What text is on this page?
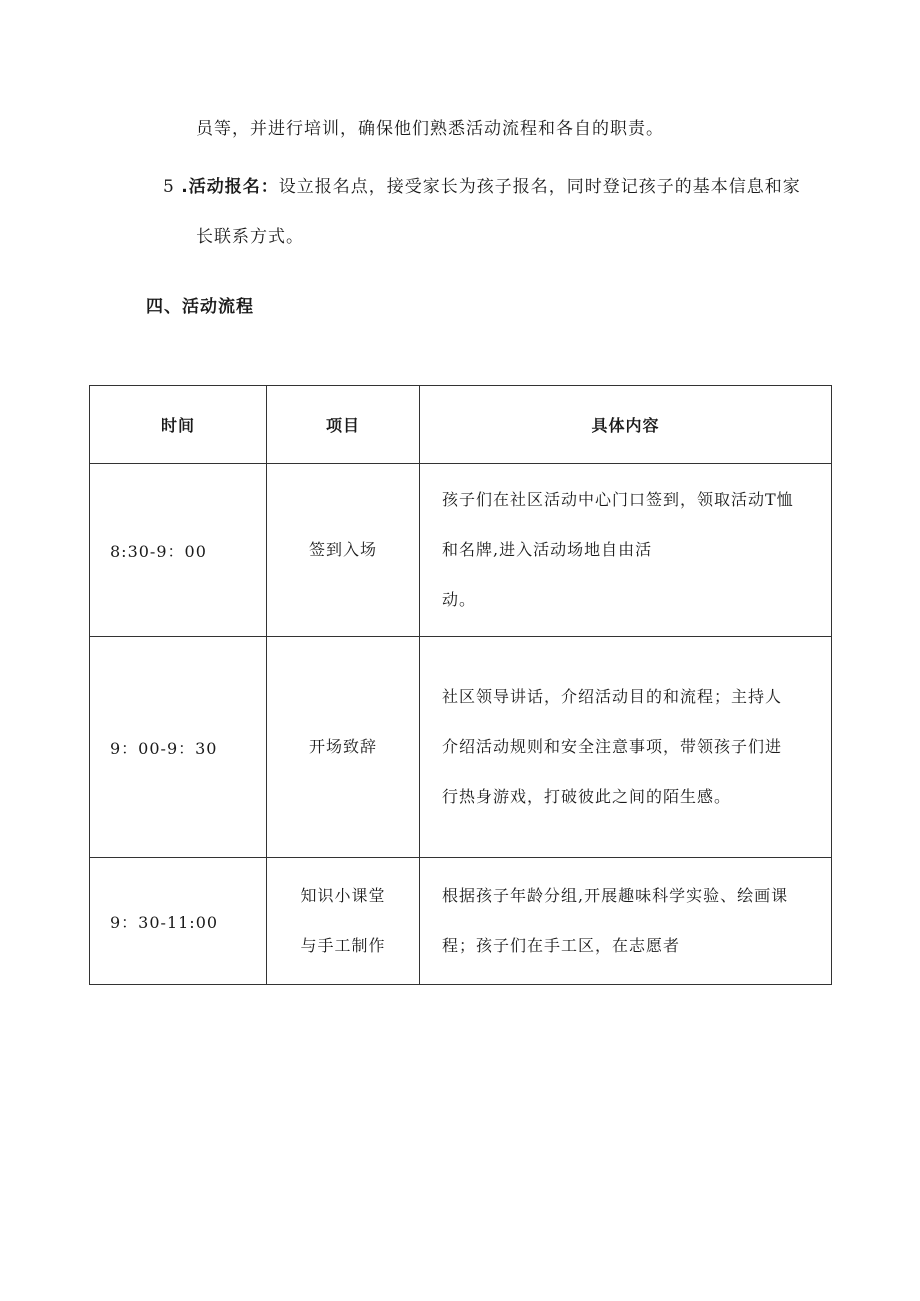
员等，并进行培训，确保他们熟悉活动流程和各自的职责。
5 .活动报名：设立报名点，接受家长为孩子报名，同时登记孩子的基本信息和家
长联系方式。
四、活动流程
时间	项目	具体内容
8:30-9：00	签到入场	孩子们在社区活动中心门口签到，领取活动T恤
和名牌,进入活动场地自由活
动。

9：00-9：30	开场致辞	社区领导讲话，介绍活动目的和流程；主持人
介绍活动规则和安全注意事项，带领孩子们进
行热身游戏，打破彼此之间的陌生感。

9：30-11:00	知识小课堂
与手工制作	根据孩子年龄分组,开展趣味科学实验、绘画课
程；孩子们在手工区，在志愿者
